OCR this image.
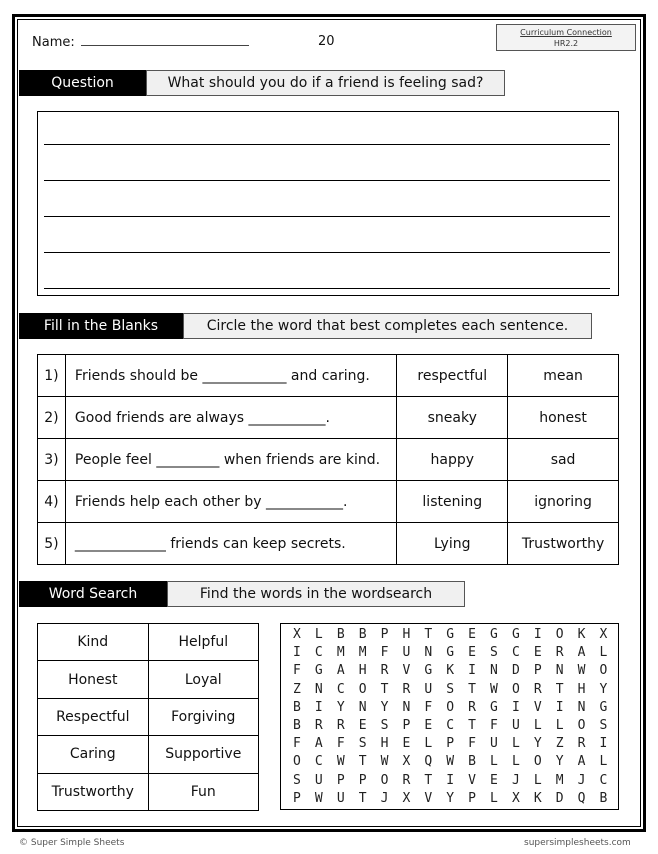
Name:	20
Curriculum Connection
HR2.2
Question	What should you do if a friend is feeling sad?
Fill in the Blanks	Circle the word that best completes each sentence.
1)	Friends should be ____________ and caring.	respectful	mean
2)	Good friends are always ___________.	sneaky	honest
3)	People feel _________ when friends are kind.	happy	sad
4)	Friends help each other by ___________.	listening	ignoring
5)	_____________ friends can keep secrets.	Lying	Trustworthy
Word Search	Find the words in the wordsearch
Kind	Helpful
Honest	Loyal
Respectful	Forgiving
Caring	Supportive
Trustworthy	Fun
X	L	B	B	P	H	T	G	E	G	G	I	O	K	X
I	C	M	M	F	U	N	G	E	S	C	E	R	A	L
F	G	A	H	R	V	G	K	I	N	D	P	N	W	O
Z	N	C	O	T	R	U	S	T	W	O	R	T	H	Y
B	I	Y	N	Y	N	F	O	R	G	I	V	I	N	G
B	R	R	E	S	P	E	C	T	F	U	L	L	O	S
F	A	F	S	H	E	L	P	F	U	L	Y	Z	R	I
O	C	W	T	W	X	Q	W	B	L	L	O	Y	A	L
S	U	P	P	O	R	T	I	V	E	J	L	M	J	C
P	W	U	T	J	X	V	Y	P	L	X	K	D	Q	B
© Super Simple Sheets	supersimplesheets.com
